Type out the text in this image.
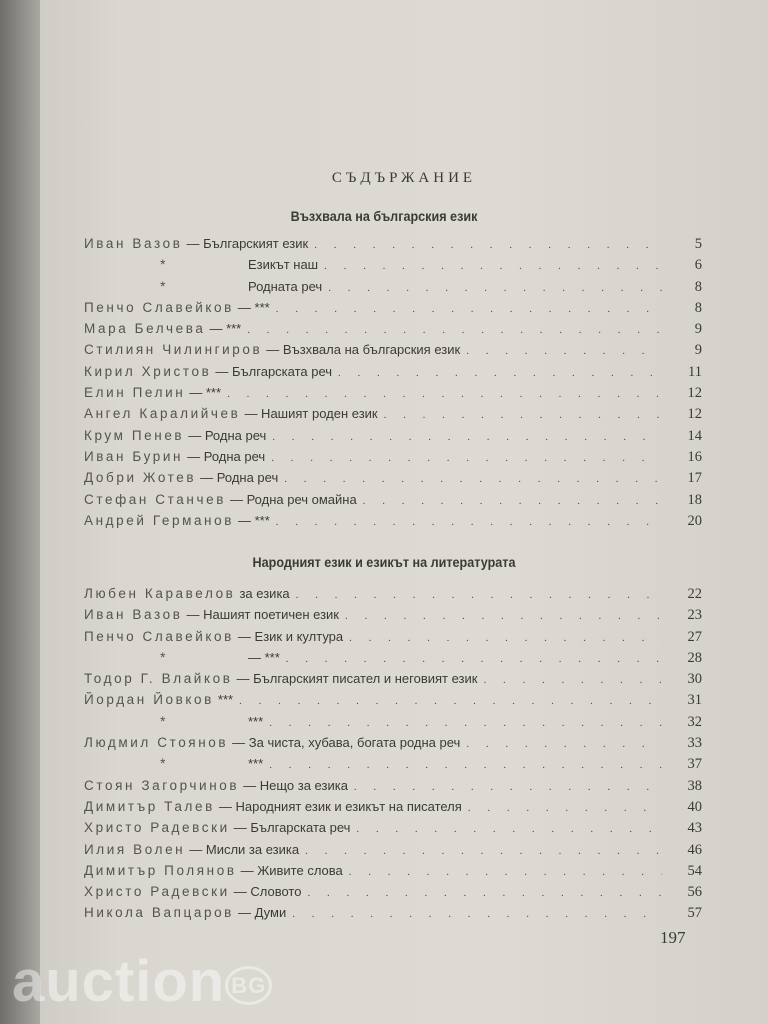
СЪДЪРЖАНИЕ
Възхвала на българския език
Иван Вазов — Българският език . . .	5
*	Езикът наш . . .	6
*	Родната реч . . .	8
Пенчо Славейков — *** . . .	8
Мара Белчева — *** . . .	9
Стилиян Чилингиров — Възхвала на българския език . . .	9
Кирил Христов — Българската реч . . .	11
Елин Пелин — *** . . .	12
Ангел Каралийчев — Нашият роден език . . .	12
Крум Пенев — Родна реч . . .	14
Иван Бурин — Родна реч . . .	16
Добри Жотев — Родна реч . . .	17
Стефан Станчев — Родна реч омайна . . .	18
Андрей Германов — *** . . .	20
Народният език и езикът на литературата
Любен Каравелов за езика . . .	22
Иван Вазов — Нашият поетичен език . . .	23
Пенчо Славейков — Език и култура . . .	27
*	— *** . . .	28
Тодор Г. Влайков — Българският писател и неговият език . . .	30
Йордан Йовков *** . . .	31
*	*** . . .	32
Людмил Стоянов — За чиста, хубава, богата родна реч . . .	33
*	*** . . .	37
Стоян Загорчинов — Нещо за езика . . .	38
Димитър Талев — Народният език и езикът на писателя . . .	40
Христо Радевски — Българската реч . . .	43
Илия Волен — Мисли за езика . . .	46
Димитър Полянов — Живите слова . . .	54
Христо Радевски — Словото . . .	56
Никола Вапцаров — Думи . . .	57
197
auction BG
